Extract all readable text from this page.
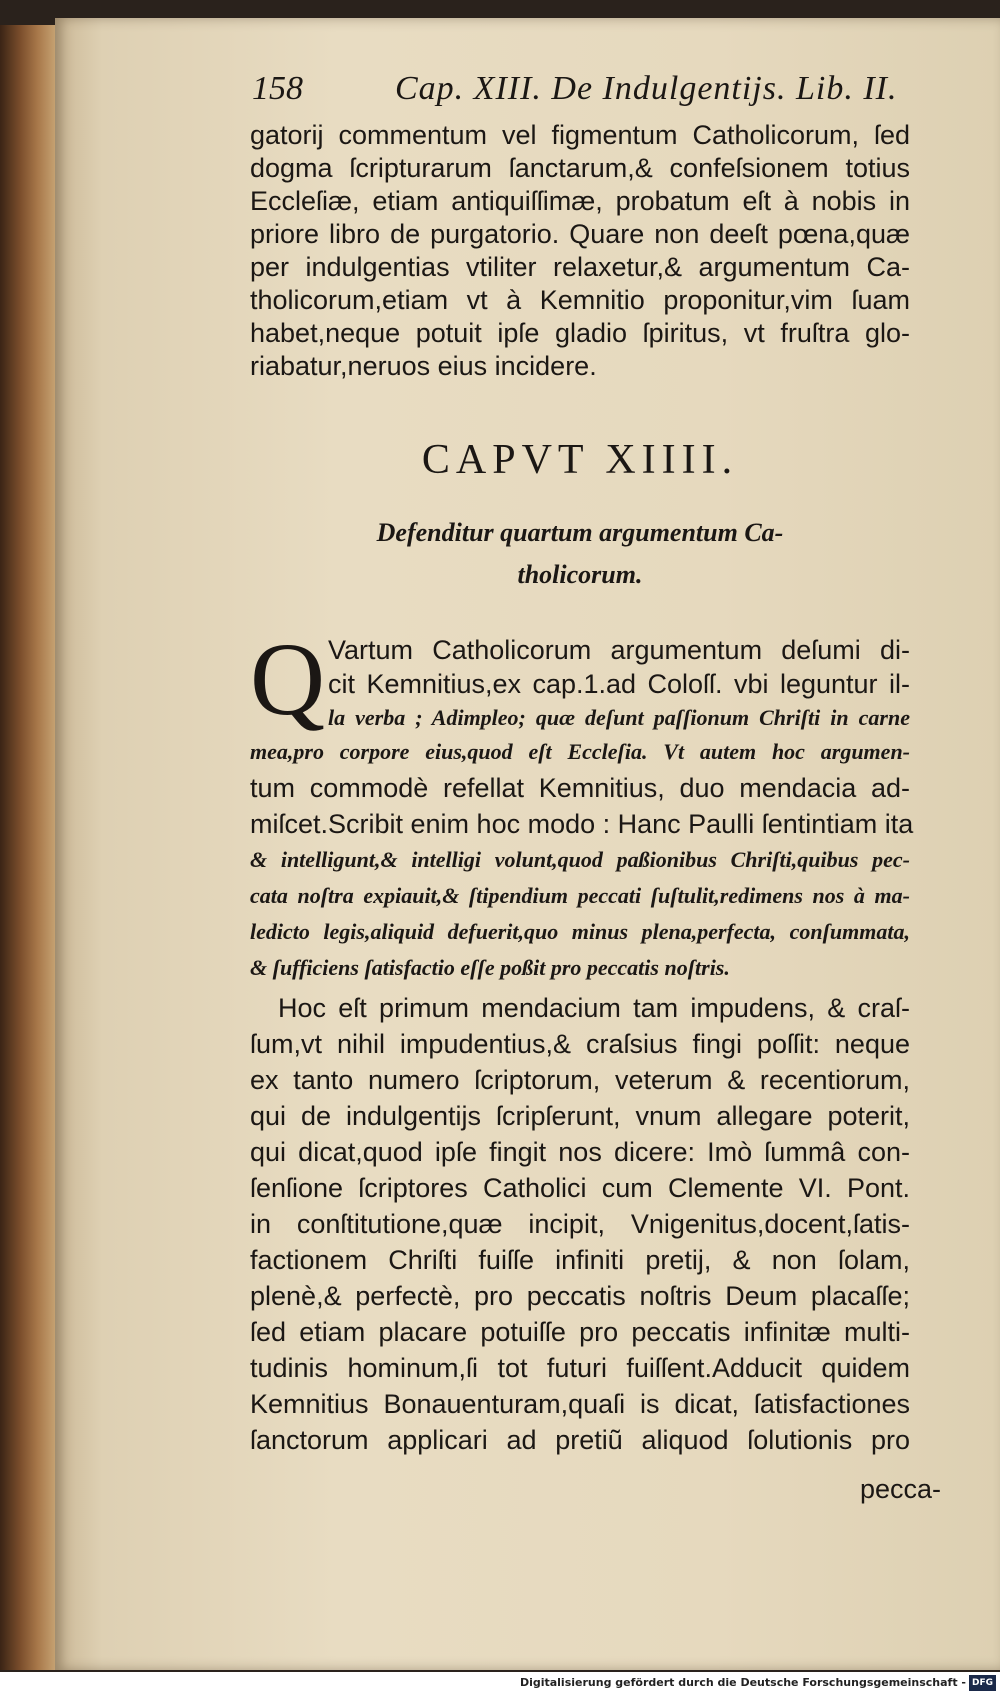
158	Cap. XIII. De Indulgentijs. Lib. II.
gatorij commentum vel figmentum Catholicorum, ſed
dogma ſcripturarum ſanctarum,& confeſsionem totius
Eccleſiæ, etiam antiquiſſimæ, probatum eſt à nobis in
priore libro de purgatorio. Quare non deeſt pœna,quæ
per indulgentias vtiliter relaxetur,& argumentum Ca-
tholicorum,etiam vt à Kemnitio proponitur,vim ſuam
habet,neque potuit ipſe gladio ſpiritus, vt fruſtra glo-
riabatur,neruos eius incidere.
CAPVT XIIII.
Defenditur quartum argumentum Ca-
tholicorum.
Q Vartum Catholicorum argumentum deſumi di-
cit Kemnitius,ex cap.1.ad Coloſſ. vbi leguntur il-
la verba ; Adimpleo; quæ deſunt paſſionum Chriſti in carne
mea,pro corpore eius,quod eſt Eccleſia. Vt autem hoc argumen-
tum commodè refellat Kemnitius, duo mendacia ad-
miſcet.Scribit enim hoc modo : Hanc Paulli ſentintiam ita
& intelligunt,& intelligi volunt,quod paßionibus Chriſti,quibus pec-
cata noſtra expiauit,& ſtipendium peccati ſuſtulit,redimens nos à ma-
ledicto legis,aliquid defuerit,quo minus plena,perfecta, conſummata,
& ſufficiens ſatisfactio eſſe poßit pro peccatis noſtris.
Hoc eſt primum mendacium tam impudens, & craſ-
ſum,vt nihil impudentius,& craſsius fingi poſſit: neque
ex tanto numero ſcriptorum, veterum & recentiorum,
qui de indulgentijs ſcripſerunt, vnum allegare poterit,
qui dicat,quod ipſe fingit nos dicere: Imò ſummâ con-
ſenſione ſcriptores Catholici cum Clemente VI. Pont.
in conſtitutione,quæ incipit, Vnigenitus,docent,ſatis-
factionem Chriſti fuiſſe infiniti pretij, & non ſolam,
plenè,& perfectè, pro peccatis noſtris Deum placaſſe;
ſed etiam placare potuiſſe pro peccatis infinitæ multi-
tudinis hominum,ſi tot futuri fuiſſent.Adducit quidem
Kemnitius Bonauenturam,quaſi is dicat, ſatisfactiones
ſanctorum applicari ad pretiũ aliquod ſolutionis pro
pecca-
Digitalisierung gefördert durch die Deutsche Forschungsgemeinschaft - DFG
